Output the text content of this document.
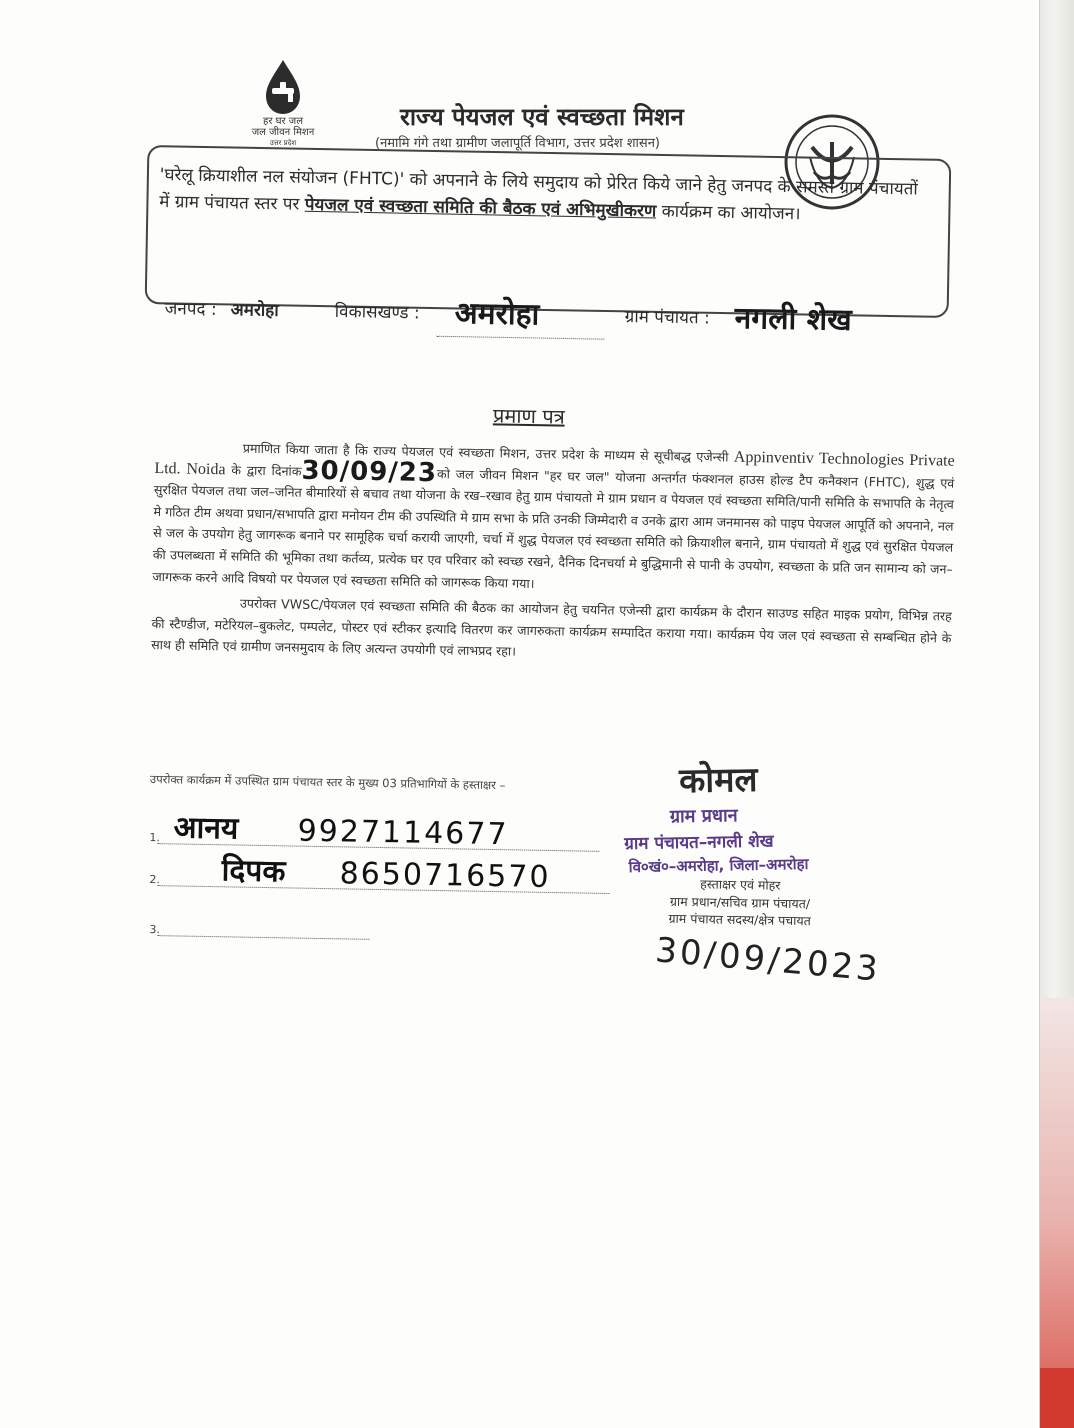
हर घर जल
जल जीवन मिशन
उत्तर प्रदेश
राज्य पेयजल एवं स्वच्छता मिशन
(नमामि गंगे तथा ग्रामीण जलापूर्ति विभाग, उत्तर प्रदेश शासन)
'घरेलू क्रियाशील नल संयोजन (FHTC)' को अपनाने के लिये समुदाय को प्रेरित किये जाने हेतु जनपद के समस्त ग्राम पंचायतों में ग्राम पंचायत स्तर पर पेयजल एवं स्वच्छता समिति की बैठक एवं अभिमुखीकरण कार्यक्रम का आयोजन।
जनपद : अमरोहा	विकासखण्ड : अमरोहा	ग्राम पंचायत : नगली शेख
प्रमाण पत्र

प्रमाणित किया जाता है कि राज्य पेयजल एवं स्वच्छता मिशन, उत्तर प्रदेश के माध्यम से सूचीबद्ध एजेन्सी Appinventiv Technologies Private Ltd. Noida के द्वारा दिनांक30/09/23को जल जीवन मिशन "हर घर जल" योजना अन्तर्गत फंक्शनल हाउस होल्ड टैप कनैक्शन (FHTC), शुद्ध एवं सुरक्षित पेयजल तथा जल–जनित बीमारियों से बचाव तथा योजना के रख–रखाव हेतु ग्राम पंचायतो मे ग्राम प्रधान व पेयजल एवं स्वच्छता समिति/पानी समिति के सभापति के नेतृत्व मे गठित टीम अथवा प्रधान/सभापति द्वारा मनोयन टीम की उपस्थिति मे ग्राम सभा के प्रति उनकी जिम्मेदारी व उनके द्वारा आम जनमानस को पाइप पेयजल आपूर्ति को अपनाने, नल से जल के उपयोग हेतु जागरूक बनाने पर सामूहिक चर्चा करायी जाएगी, चर्चा में शुद्ध पेयजल एवं स्वच्छता समिति को क्रियाशील बनाने, ग्राम पंचायतो में शुद्ध एवं सुरक्षित पेयजल की उपलब्धता में समिति की भूमिका तथा कर्तव्य, प्रत्येक घर एव परिवार को स्वच्छ रखने, दैनिक दिनचर्या मे बुद्धिमानी से पानी के उपयोग, स्वच्छता के प्रति जन सामान्य को जन–जागरूक करने आदि विषयो पर पेयजल एवं स्वच्छता समिति को जागरूक किया गया।

उपरोक्त VWSC/पेयजल एवं स्वच्छता समिति की बैठक का आयोजन हेतु चयनित एजेन्सी द्वारा कार्यक्रम के दौरान साउण्ड सहित माइक प्रयोग, विभिन्न तरह की स्टैण्डीज, मटेरियल–बुकलेट, पम्पलेट, पोस्टर एवं स्टीकर इत्यादि वितरण कर जागरुकता कार्यक्रम सम्पादित कराया गया। कार्यक्रम पेय जल एवं स्वच्छता से सम्बन्धित होने के साथ ही समिति एवं ग्रामीण जनसमुदाय के लिए अत्यन्त उपयोगी एवं लाभप्रद रहा।

उपरोक्त कार्यक्रम में उपस्थित ग्राम पंचायत स्तर के मुख्य 03 प्रतिभागियों के हस्ताक्षर –
1. आनय 9927114677
2. दिपक 8650716570
3.
कोमल
ग्राम प्रधान
ग्राम पंचायत–नगली शेख
वि०खं०–अमरोहा, जिला–अमरोहा
हस्ताक्षर एवं मोहर
ग्राम प्रधान/सचिव ग्राम पंचायत/
ग्राम पंचायत सदस्य/क्षेत्र पचायत
30/09/2023
